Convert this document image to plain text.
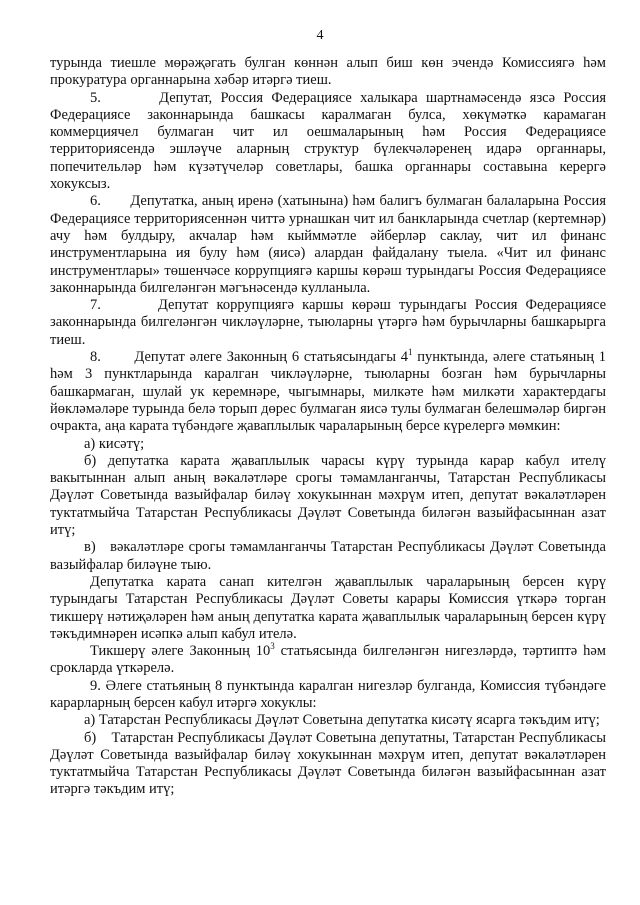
4

турында тиешле мөрәҗәгать булган көннән алып биш көн эчендә Комиссиягә һәм прокуратура органнарына хәбәр итәргә тиеш.

5.       Депутат, Россия Федерациясе халыкара шартнамәсендә язсә Россия Федерациясе законнарында башкасы каралмаган булса, хөкүмәткә карамаган коммерциячел булмаган чит ил оешмаларының һәм Россия Федерациясе территориясендә эшләүче аларның структур бүлекчәләренең идарә органнары, попечительләр һәм күзәтүчеләр советлары, башка органнары составына керергә хокуксыз.

6.       Депутатка, аның иренә (хатынына) һәм балигъ булмаган балаларына Россия Федерациясе территориясеннән читтә урнашкан чит ил банкларында счетлар (кертемнәр) ачу һәм булдыру, акчалар һәм кыйммәтле әйберләр саклау, чит ил финанс инструментларына ия булу һәм (яисә) алардан файдалану тыела. «Чит ил финанс инструментлары» төшенчәсе коррупциягә каршы көрәш турындагы Россия Федерациясе законнарында билгеләнгән мәгънәсендә кулланыла.

7.       Депутат коррупциягә каршы көрәш турындагы Россия Федерациясе законнарында билгеләнгән чикләүләрне, тыюларны үтәргә һәм бурычларны башкарырга тиеш.

8.       Депутат әлеге Законның 6 статьясындагы $4^1$ пунктында, әлеге статьяның 1 һәм 3 пунктларында каралган чикләүләрне, тыюларны бозган һәм бурычларны башкармаган, шулай ук керемнәре, чыгымнары, милкәте һәм милкәти характердагы йөкләмәләре турында белә торып дөрес булмаган яисә тулы булмаган белешмәләр биргән очракта, аңа карата түбәндәге җаваплылык чараларының берсе күрелергә мөмкин:

а) кисәтү;

б) депутатка карата җаваплылык чарасы күрү турында карар кабул ителү вакытыннан алып аның вәкаләтләре срогы тәмамланганчы, Татарстан Республикасы Дәүләт Советында вазыйфалар биләү хокукыннан мәхрүм итеп, депутат вәкаләтләрен туктатмыйча Татарстан Республикасы Дәүләт Советында биләгән вазыйфасыннан азат итү;

в)   вәкаләтләре срогы тәмамланганчы Татарстан Республикасы Дәүләт Советында вазыйфалар биләүне тыю.

Депутатка карата санап кителгән җаваплылык чараларының берсен күрү турындагы Татарстан Республикасы Дәүләт Советы карары Комиссия үткәрә торган тикшерү нәтиҗәләрен һәм аның депутатка карата җаваплылык чараларының берсен күрү тәкъдимнәрен исәпкә алып кабул ителә.

Тикшерү әлеге Законның $10^3$ статьясында билгеләнгән нигезләрдә, тәртиптә һәм срокларда үткәрелә.

9. Әлеге статьяның 8 пунктында каралган нигезләр булганда, Комиссия түбәндәге карарларның берсен кабул итәргә хокуклы:

а) Татарстан Республикасы Дәүләт Советына депутатка кисәтү ясарга тәкъдим итү;

б)    Татарстан Республикасы Дәүләт Советына депутатны, Татарстан Республикасы Дәүләт Советында вазыйфалар биләү хокукыннан мәхрүм итеп, депутат вәкаләтләрен туктатмыйча Татарстан Республикасы Дәүләт Советында биләгән вазыйфасыннан азат итәргә тәкъдим итү;
